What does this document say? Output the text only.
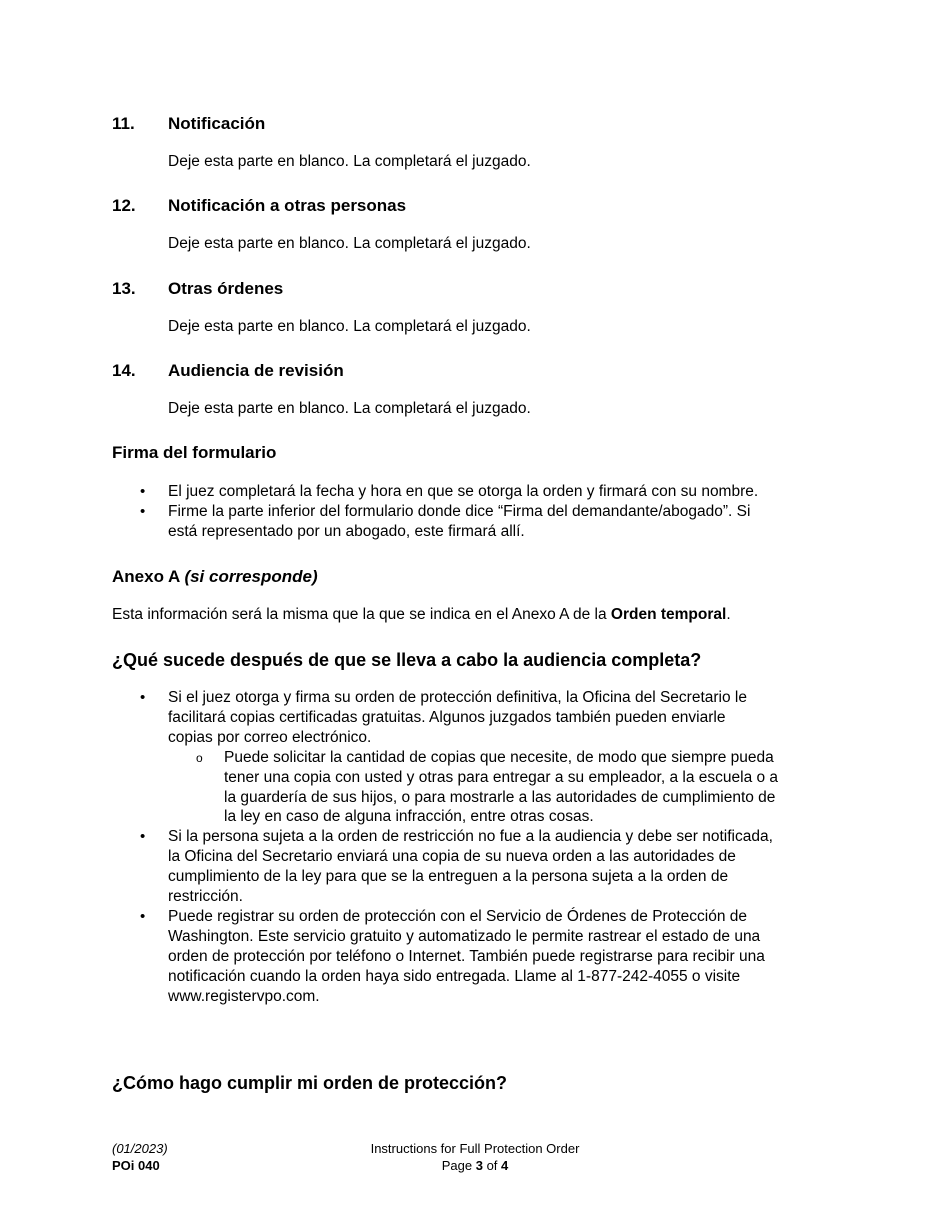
11. Notificación
Deje esta parte en blanco. La completará el juzgado.
12. Notificación a otras personas
Deje esta parte en blanco. La completará el juzgado.
13. Otras órdenes
Deje esta parte en blanco. La completará el juzgado.
14. Audiencia de revisión
Deje esta parte en blanco. La completará el juzgado.
Firma del formulario
• El juez completará la fecha y hora en que se otorga la orden y firmará con su nombre.
• Firme la parte inferior del formulario donde dice “Firma del demandante/abogado”. Si
está representado por un abogado, este firmará allí.
Anexo A (si corresponde)
Esta información será la misma que la que se indica en el Anexo A de la Orden temporal.
¿Qué sucede después de que se lleva a cabo la audiencia completa?
• Si el juez otorga y firma su orden de protección definitiva, la Oficina del Secretario le
facilitará copias certificadas gratuitas. Algunos juzgados también pueden enviarle
copias por correo electrónico.
o Puede solicitar la cantidad de copias que necesite, de modo que siempre pueda
tener una copia con usted y otras para entregar a su empleador, a la escuela o a
la guardería de sus hijos, o para mostrarle a las autoridades de cumplimiento de
la ley en caso de alguna infracción, entre otras cosas.
• Si la persona sujeta a la orden de restricción no fue a la audiencia y debe ser notificada,
la Oficina del Secretario enviará una copia de su nueva orden a las autoridades de
cumplimiento de la ley para que se la entreguen a la persona sujeta a la orden de
restricción.
• Puede registrar su orden de protección con el Servicio de Órdenes de Protección de
Washington. Este servicio gratuito y automatizado le permite rastrear el estado de una
orden de protección por teléfono o Internet. También puede registrarse para recibir una
notificación cuando la orden haya sido entregada. Llame al 1-877-242-4055 o visite
www.registervpo.com.
¿Cómo hago cumplir mi orden de protección?
(01/2023)
POi 040
Instructions for Full Protection Order
Page 3 of 4
